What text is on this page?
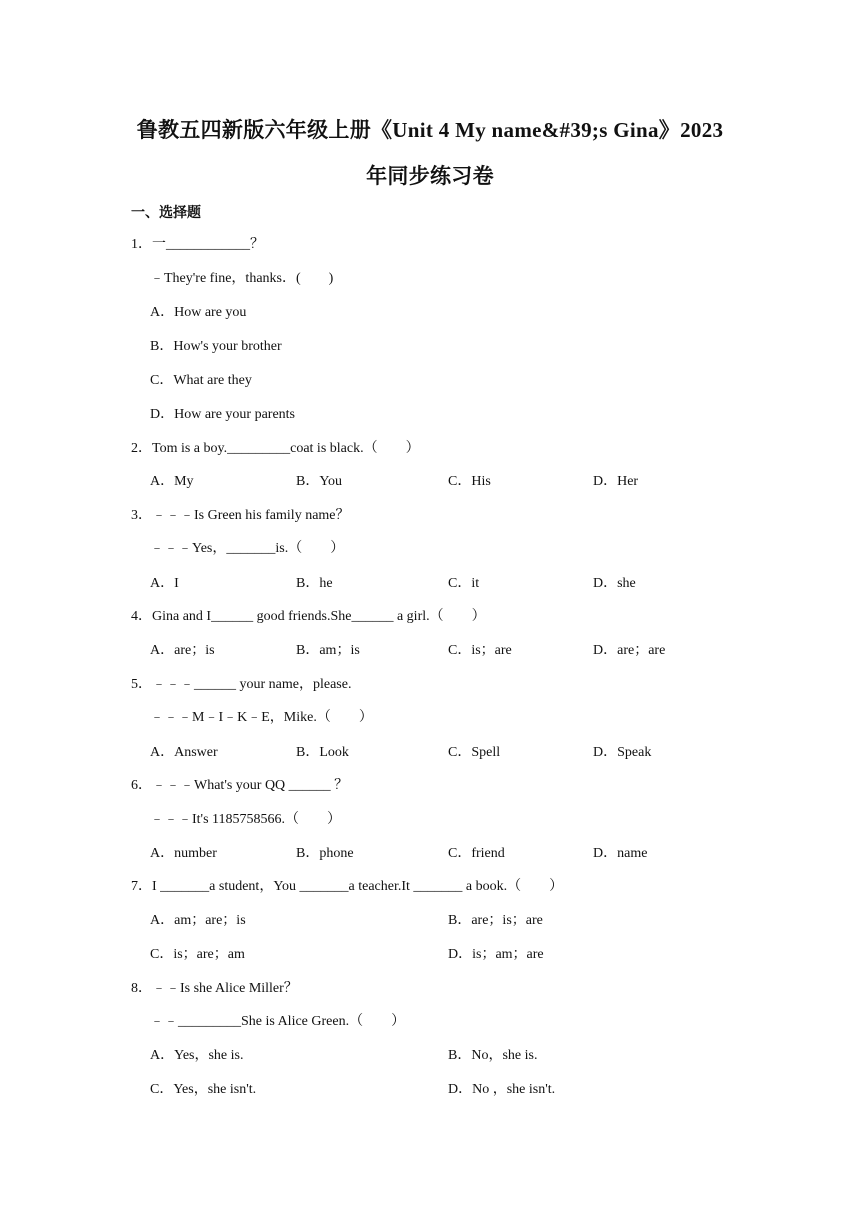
鲁教五四新版六年级上册《Unit 4 My name&#39;s Gina》2023
年同步练习卷
一、选择题
1．一____________？
﹣They're fine，thanks．(　　)
A．How are you
B．How's your brother
C．What are they
D．How are your parents
2．Tom is a boy._________coat is black.（　　）
A．My	B．You	C．His	D．Her
3．﹣﹣﹣Is Green his family name？
﹣﹣﹣Yes，_______is.（　　）
A．I	B．he	C．it	D．she
4．Gina and I______ good friends.She______ a girl.（　　）
A．are；is	B．am；is	C．is；are	D．are；are
5．﹣﹣﹣______ your name，please.
﹣﹣﹣M﹣I﹣K﹣E，Mike.（　　）
A．Answer	B．Look	C．Spell	D．Speak
6．﹣﹣﹣What's your QQ ______ ？
﹣﹣﹣It's 1185758566.（　　）
A．number	B．phone	C．friend	D．name
7．I _______a student，You _______a teacher.It _______ a book.（　　）
A．am；are；is	B．are；is；are
C．is；are；am	D．is；am；are
8．﹣﹣Is she Alice Miller？
﹣﹣_________She is Alice Green.（　　）
A．Yes，she is.	B．No，she is.
C．Yes，she isn't.	D．No ，she isn't.
